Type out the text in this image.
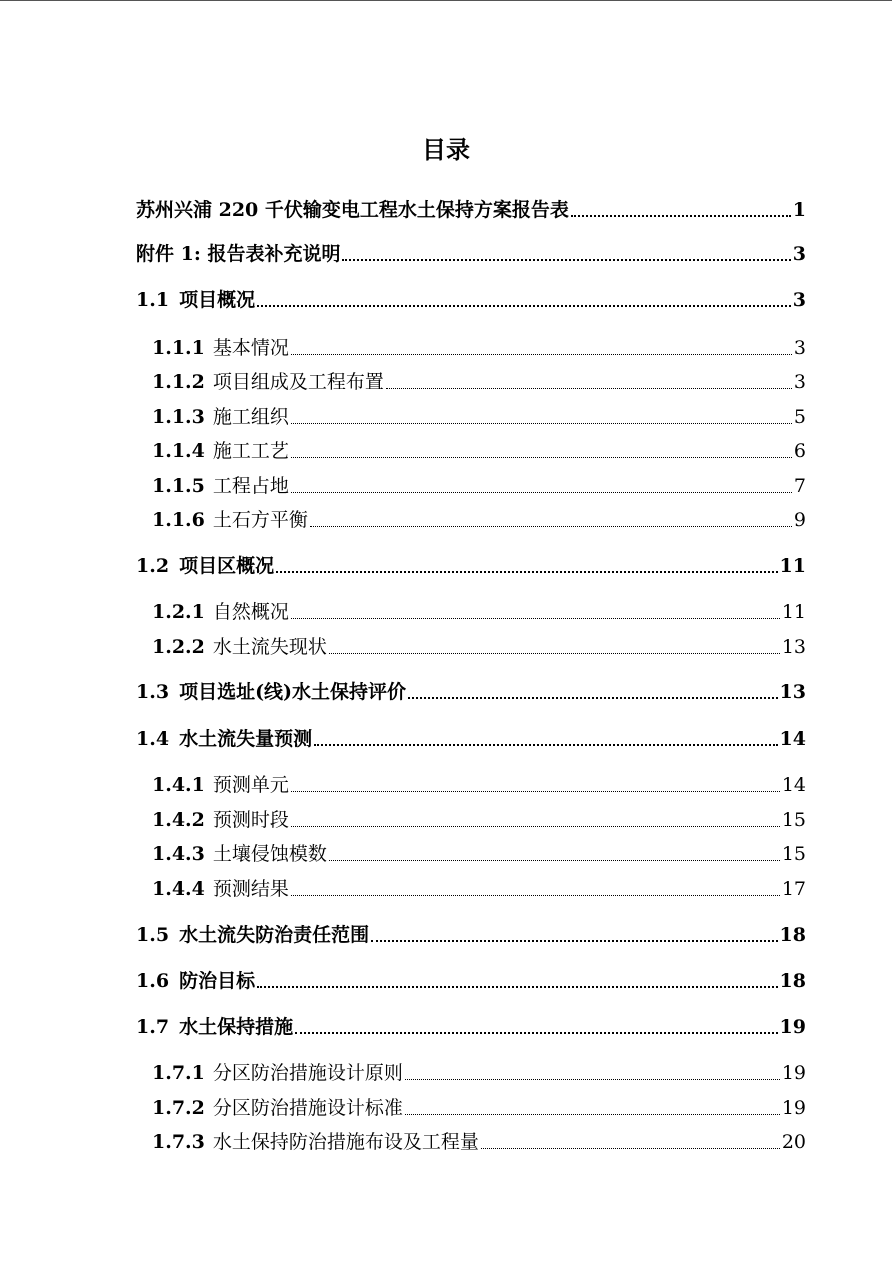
目录
苏州兴浦 220 千伏输变电工程水土保持方案报告表	1
附件 1: 报告表补充说明	3
1.1 项目概况	3
1.1.1 基本情况	3
1.1.2 项目组成及工程布置	3
1.1.3 施工组织	5
1.1.4 施工工艺	6
1.1.5 工程占地	7
1.1.6 土石方平衡	9
1.2 项目区概况	11
1.2.1 自然概况	11
1.2.2 水土流失现状	13
1.3 项目选址(线)水土保持评价	13
1.4 水土流失量预测	14
1.4.1 预测单元	14
1.4.2 预测时段	15
1.4.3 土壤侵蚀模数	15
1.4.4 预测结果	17
1.5 水土流失防治责任范围	18
1.6 防治目标	18
1.7 水土保持措施	19
1.7.1 分区防治措施设计原则	19
1.7.2 分区防治措施设计标准	19
1.7.3 水土保持防治措施布设及工程量	20
